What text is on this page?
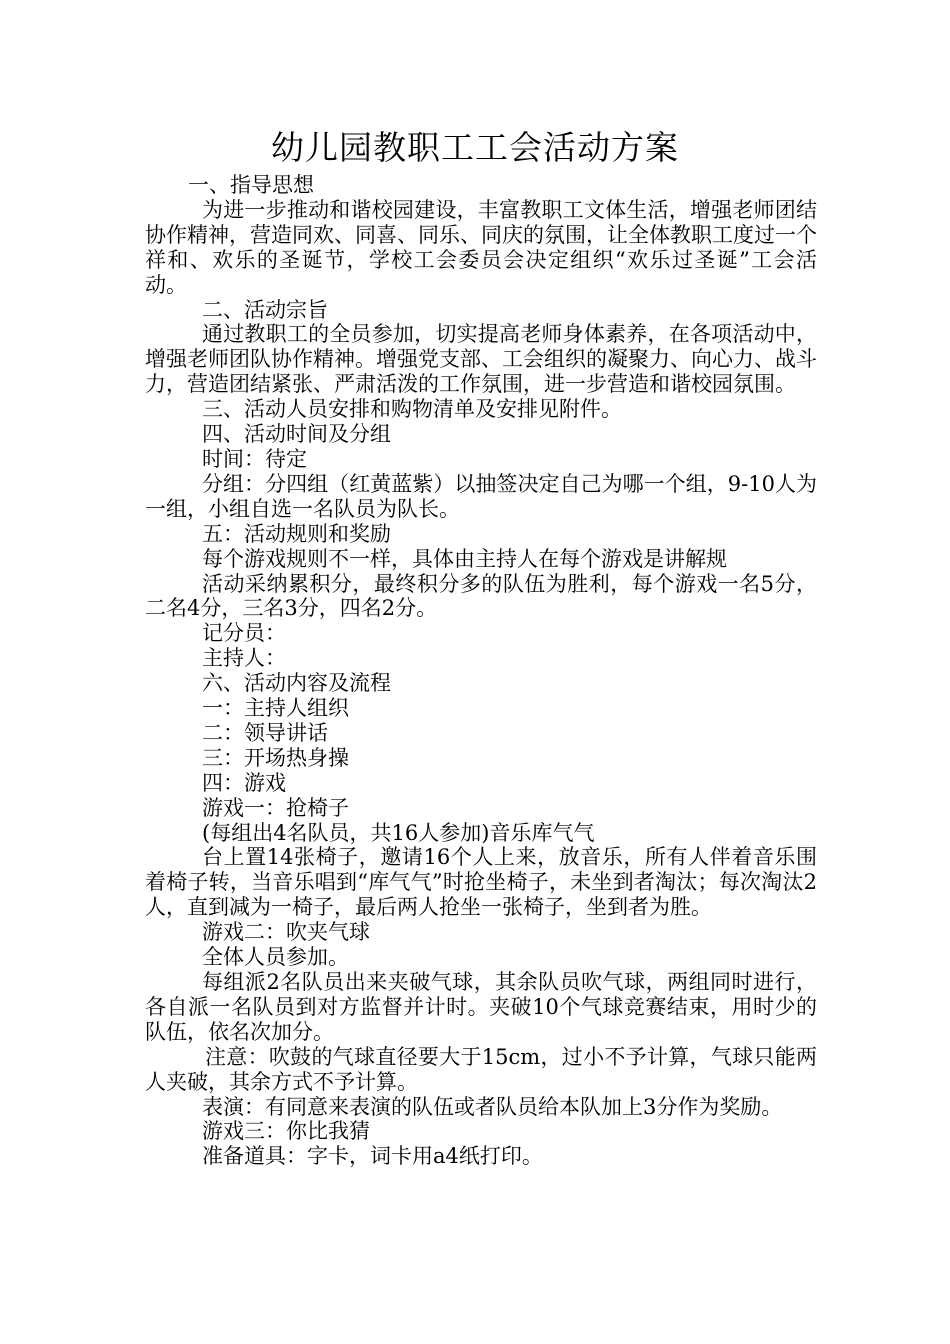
幼儿园教职工工会活动方案

一、指导思想

为进一步推动和谐校园建设，丰富教职工文体生活，增强老师团结协作精神，营造同欢、同喜、同乐、同庆的氛围，让全体教职工度过一个祥和、欢乐的圣诞节，学校工会委员会决定组织“欢乐过圣诞”工会活动。

二、活动宗旨

通过教职工的全员参加，切实提高老师身体素养，在各项活动中，增强老师团队协作精神。增强党支部、工会组织的凝聚力、向心力、战斗力，营造团结紧张、严肃活泼的工作氛围，进一步营造和谐校园氛围。

三、活动人员安排和购物清单及安排见附件。

四、活动时间及分组

时间：待定

分组：分四组（红黄蓝紫）以抽签决定自己为哪一个组，9-10人为一组，小组自选一名队员为队长。

五：活动规则和奖励

每个游戏规则不一样，具体由主持人在每个游戏是讲解规

活动采纳累积分，最终积分多的队伍为胜利，每个游戏一名5分，二名4分，三名3分，四名2分。

记分员：

主持人：

六、活动内容及流程

一：主持人组织

二：领导讲话

三：开场热身操

四：游戏

游戏一：抢椅子

(每组出4名队员，共16人参加)音乐库气气

台上置14张椅子，邀请16个人上来，放音乐，所有人伴着音乐围着椅子转，当音乐唱到“库气气”时抢坐椅子，未坐到者淘汰；每次淘汰2人，直到减为一椅子，最后两人抢坐一张椅子，坐到者为胜。

游戏二：吹夹气球

全体人员参加。

每组派2名队员出来夹破气球，其余队员吹气球，两组同时进行，各自派一名队员到对方监督并计时。夹破10个气球竞赛结束，用时少的队伍，依名次加分。

注意：吹鼓的气球直径要大于15cm，过小不予计算，气球只能两人夹破，其余方式不予计算。

表演：有同意来表演的队伍或者队员给本队加上3分作为奖励。

游戏三：你比我猜

准备道具：字卡，词卡用a4纸打印。
